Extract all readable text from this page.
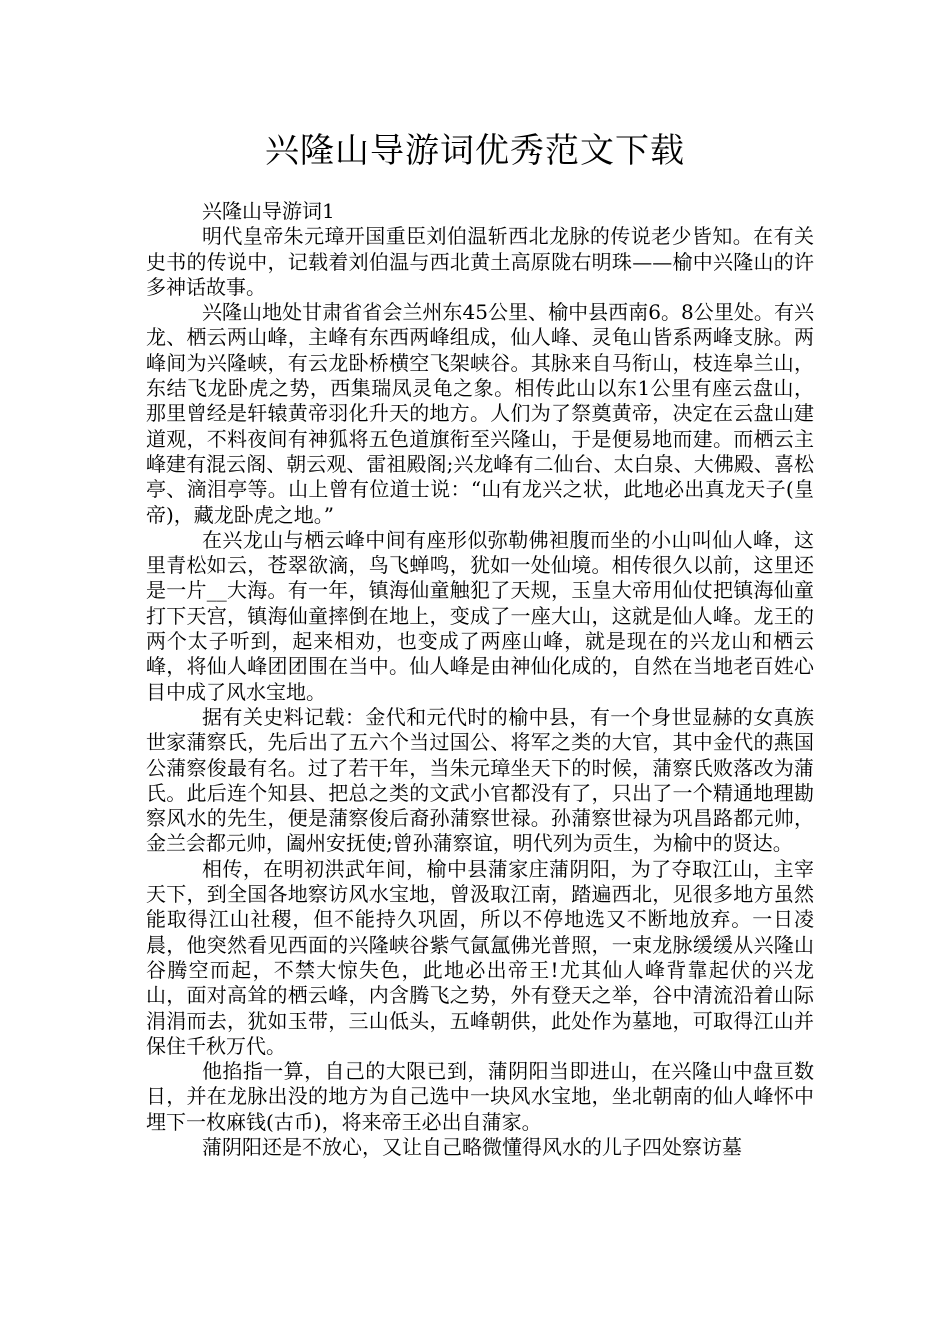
兴隆山导游词优秀范文下载

兴隆山导游词1

明代皇帝朱元璋开国重臣刘伯温斩西北龙脉的传说老少皆知。在有关史书的传说中，记载着刘伯温与西北黄土高原陇右明珠——榆中兴隆山的许多神话故事。

兴隆山地处甘肃省省会兰州东45公里、榆中县西南6。8公里处。有兴龙、栖云两山峰，主峰有东西两峰组成，仙人峰、灵龟山皆系两峰支脉。两峰间为兴隆峡，有云龙卧桥横空飞架峡谷。其脉来自马衔山，枝连皋兰山，东结飞龙卧虎之势，西集瑞凤灵龟之象。相传此山以东1公里有座云盘山，那里曾经是轩辕黄帝羽化升天的地方。人们为了祭奠黄帝，决定在云盘山建道观，不料夜间有神狐将五色道旗衔至兴隆山，于是便易地而建。而栖云主峰建有混云阁、朝云观、雷祖殿阁;兴龙峰有二仙台、太白泉、大佛殿、喜松亭、滴泪亭等。山上曾有位道士说：“山有龙兴之状，此地必出真龙天子(皇帝)，藏龙卧虎之地。”

在兴龙山与栖云峰中间有座形似弥勒佛袒腹而坐的小山叫仙人峰，这里青松如云，苍翠欲滴，鸟飞蝉鸣，犹如一处仙境。相传很久以前，这里还是一片__大海。有一年，镇海仙童触犯了天规，玉皇大帝用仙仗把镇海仙童打下天宫，镇海仙童摔倒在地上，变成了一座大山，这就是仙人峰。龙王的两个太子听到，起来相劝，也变成了两座山峰，就是现在的兴龙山和栖云峰，将仙人峰团团围在当中。仙人峰是由神仙化成的，自然在当地老百姓心目中成了风水宝地。

据有关史料记载：金代和元代时的榆中县，有一个身世显赫的女真族世家蒲察氏，先后出了五六个当过国公、将军之类的大官，其中金代的燕国公蒲察俊最有名。过了若干年，当朱元璋坐天下的时候，蒲察氏败落改为蒲氏。此后连个知县、把总之类的文武小官都没有了，只出了一个精通地理勘察风水的先生，便是蒲察俊后裔孙蒲察世禄。孙蒲察世禄为巩昌路都元帅，金兰会都元帅，阖州安抚使;曾孙蒲察谊，明代列为贡生，为榆中的贤达。

相传，在明初洪武年间，榆中县蒲家庄蒲阴阳，为了夺取江山，主宰天下，到全国各地察访风水宝地，曾汲取江南，踏遍西北，见很多地方虽然能取得江山社稷，但不能持久巩固，所以不停地选又不断地放弃。一日凌晨，他突然看见西面的兴隆峡谷紫气氤氲佛光普照，一束龙脉缓缓从兴隆山谷腾空而起，不禁大惊失色，此地必出帝王!尤其仙人峰背靠起伏的兴龙山，面对高耸的栖云峰，内含腾飞之势，外有登天之举，谷中清流沿着山际涓涓而去，犹如玉带，三山低头，五峰朝供，此处作为墓地，可取得江山并保住千秋万代。

他掐指一算，自己的大限已到，蒲阴阳当即进山，在兴隆山中盘亘数日，并在龙脉出没的地方为自己选中一块风水宝地，坐北朝南的仙人峰怀中埋下一枚麻钱(古币)，将来帝王必出自蒲家。

蒲阴阳还是不放心，又让自己略微懂得风水的儿子四处察访墓
